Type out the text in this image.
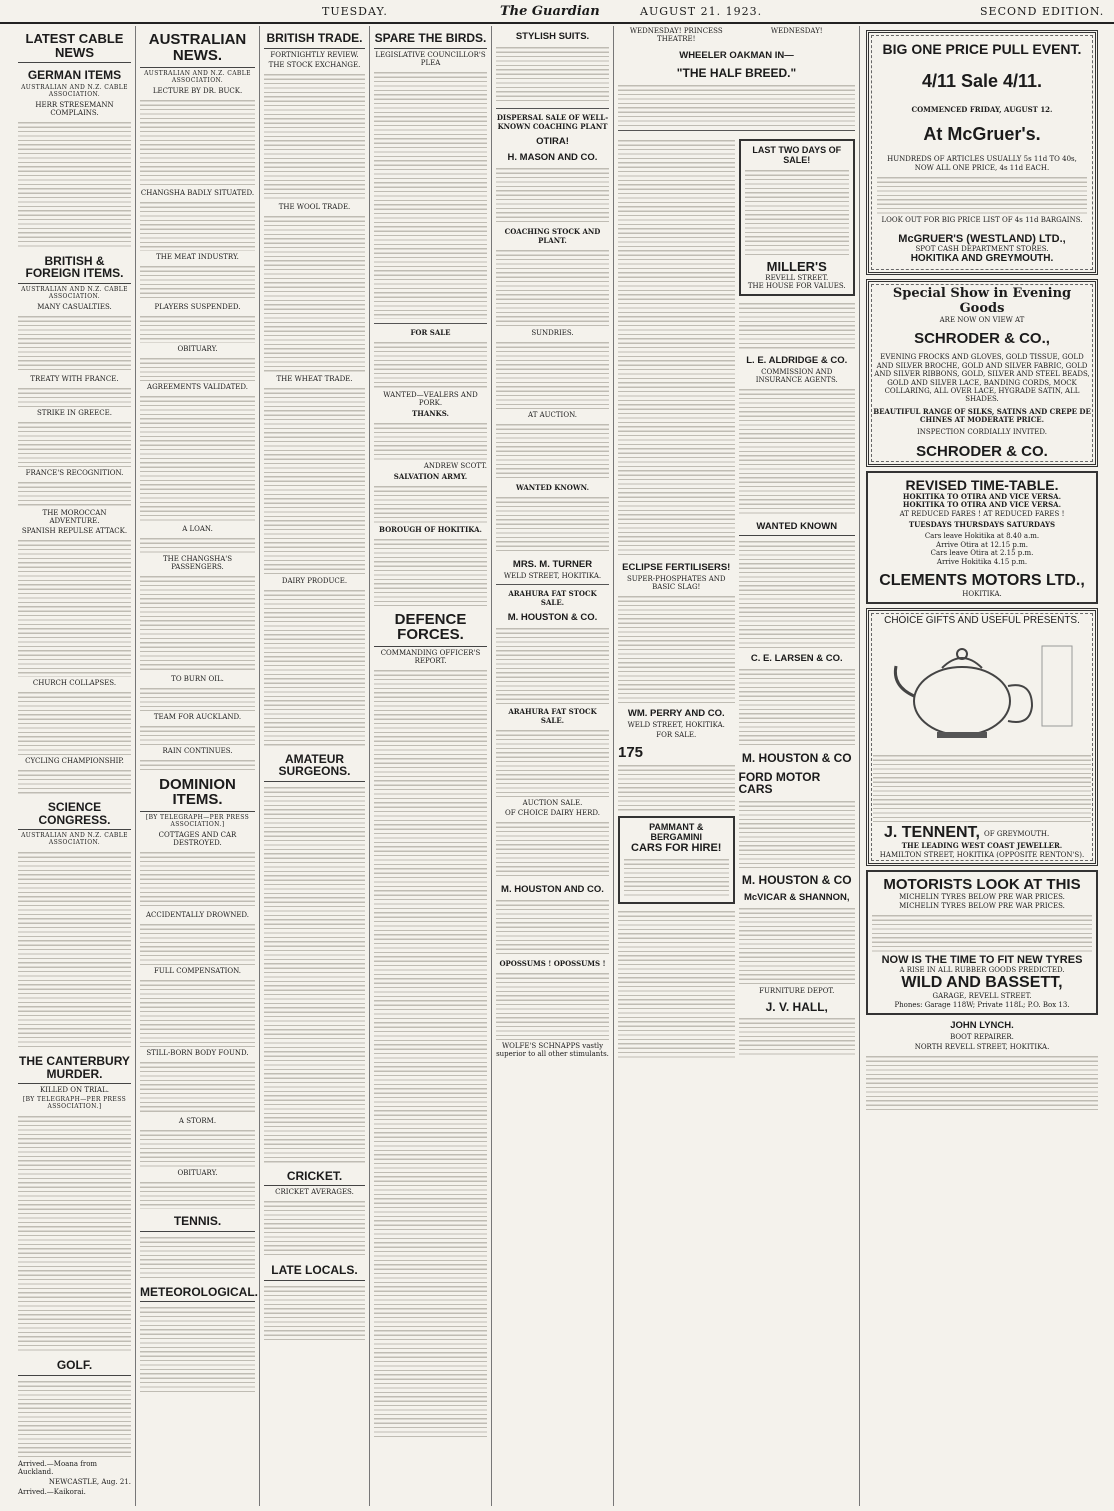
TUESDAY.	The Guardian	AUGUST 21. 1923.	SECOND EDITION.
LATEST CABLE NEWS
GERMAN ITEMS
AUSTRALIAN AND N.Z. CABLE ASSOCIATION.
HERR STRESEMANN COMPLAINS.
BRITISH & FOREIGN ITEMS.
AUSTRALIAN AND N.Z. CABLE ASSOCIATION.
MANY CASUALTIES.
TREATY WITH FRANCE.
STRIKE IN GREECE.
FRANCE'S RECOGNITION.
THE MOROCCAN ADVENTURE.
SPANISH REPULSE ATTACK.
CHURCH COLLAPSES.
CYCLING CHAMPIONSHIP.
SCIENCE CONGRESS.
AUSTRALIAN AND N.Z. CABLE ASSOCIATION.
THE CANTERBURY MURDER.
KILLED ON TRIAL.
[BY TELEGRAPH—PER PRESS ASSOCIATION.]
GOLF.
Arrived.—Moana from Auckland.
NEWCASTLE, Aug. 21.
Arrived.—Kaikorai.
AUSTRALIAN NEWS.
AUSTRALIAN AND N.Z. CABLE ASSOCIATION.
LECTURE BY DR. BUCK.
CHANGSHA BADLY SITUATED.
THE MEAT INDUSTRY.
PLAYERS SUSPENDED.
OBITUARY.
AGREEMENTS VALIDATED.
A LOAN.
THE CHANGSHA'S PASSENGERS.
TO BURN OIL.
TEAM FOR AUCKLAND.
RAIN CONTINUES.
DOMINION ITEMS.
[BY TELEGRAPH—PER PRESS ASSOCIATION.]
COTTAGES AND CAR DESTROYED.
ACCIDENTALLY DROWNED.
FULL COMPENSATION.
STILL-BORN BODY FOUND.
A STORM.
OBITUARY.
TENNIS.
METEOROLOGICAL.
BRITISH TRADE.
FORTNIGHTLY REVIEW.
THE STOCK EXCHANGE.
THE WOOL TRADE.
THE WHEAT TRADE.
DAIRY PRODUCE.
AMATEUR SURGEONS.
CRICKET.
CRICKET AVERAGES.
LATE LOCALS.
SPARE THE BIRDS.
LEGISLATIVE COUNCILLOR'S PLEA
FOR SALE
WANTED—VEALERS AND PORK.
THANKS.
ANDREW SCOTT.
SALVATION ARMY.
BOROUGH OF HOKITIKA.
DEFENCE FORCES.
COMMANDING OFFICER'S REPORT.
STYLISH SUITS.
DISPERSAL SALE OF WELL-KNOWN COACHING PLANT
OTIRA!
H. MASON AND CO.
COACHING STOCK AND PLANT.
SUNDRIES.
AT AUCTION.
WANTED KNOWN.
MRS. M. TURNER
WELD STREET, HOKITIKA.
ARAHURA FAT STOCK SALE.
M. HOUSTON & CO.
ARAHURA FAT STOCK SALE.
AUCTION SALE.
OF CHOICE DAIRY HERD.
M. HOUSTON AND CO.
OPOSSUMS ! OPOSSUMS !
WOLFE'S SCHNAPPS vastly superior to all other stimulants.
WEDNESDAY! PRINCESS THEATRE!
WEDNESDAY!
WHEELER OAKMAN IN—
"THE HALF BREED."
ECLIPSE FERTILISERS!
SUPER-PHOSPHATES AND BASIC SLAG!
WM. PERRY AND CO.
WELD STREET, HOKITIKA.
FOR SALE.
175
PAMMANT & BERGAMINI
CARS FOR HIRE!
LAST TWO DAYS OF SALE!
MILLER'S
REVELL STREET.
THE HOUSE FOR VALUES.
L. E. ALDRIDGE & CO.
COMMISSION AND INSURANCE AGENTS.
WANTED KNOWN
C. E. LARSEN & CO.
M. HOUSTON & CO
FORD MOTOR CARS
M. HOUSTON & CO
McVICAR & SHANNON,
FURNITURE DEPOT.
J. V. HALL,
BIG ONE PRICE PULL EVENT.
4/11 Sale 4/11.
COMMENCED FRIDAY, AUGUST 12.
At McGruer's.
HUNDREDS OF ARTICLES USUALLY 5s 11d TO 40s, NOW ALL ONE PRICE, 4s 11d EACH.
LOOK OUT FOR BIG PRICE LIST OF 4s 11d BARGAINS.
McGRUER'S (WESTLAND) LTD.,
SPOT CASH DEPARTMENT STORES.
HOKITIKA AND GREYMOUTH.
Special Show in Evening Goods
ARE NOW ON VIEW AT
SCHRODER & CO.,
EVENING FROCKS AND GLOVES, GOLD TISSUE, GOLD AND SILVER BROCHE, GOLD AND SILVER FABRIC, GOLD AND SILVER RIBBONS, GOLD, SILVER AND STEEL BEADS, GOLD AND SILVER LACE, BANDING CORDS, MOCK COLLARING, ALL OVER LACE, HYGRADE SATIN, ALL SHADES.
BEAUTIFUL RANGE OF SILKS, SATINS AND CREPE DE CHINES AT MODERATE PRICE.
INSPECTION CORDIALLY INVITED.
SCHRODER & CO.
REVISED TIME-TABLE.
HOKITIKA TO OTIRA AND VICE VERSA.
HOKITIKA TO OTIRA AND VICE VERSA.
AT REDUCED FARES ! AT REDUCED FARES !
TUESDAYS THURSDAYS SATURDAYS
Cars leave Hokitika at 8.40 a.m.
Arrive Otira at 12.15 p.m.
Cars leave Otira at 2.15 p.m.
Arrive Hokitika 4.15 p.m.
CLEMENTS MOTORS LTD.,
HOKITIKA.
CHOICE GIFTS AND USEFUL PRESENTS.
J. TENNENT, OF GREYMOUTH.
THE LEADING WEST COAST JEWELLER.
HAMILTON STREET, HOKITIKA (OPPOSITE RENTON'S).
MOTORISTS LOOK AT THIS
MICHELIN TYRES BELOW PRE WAR PRICES.
MICHELIN TYRES BELOW PRE WAR PRICES.
NOW IS THE TIME TO FIT NEW TYRES
A RISE IN ALL RUBBER GOODS PREDICTED.
WILD AND BASSETT,
GARAGE, REVELL STREET.
Phones: Garage 118W; Private 118L; P.O. Box 13.
JOHN LYNCH.
BOOT REPAIRER.
NORTH REVELL STREET, HOKITIKA.
